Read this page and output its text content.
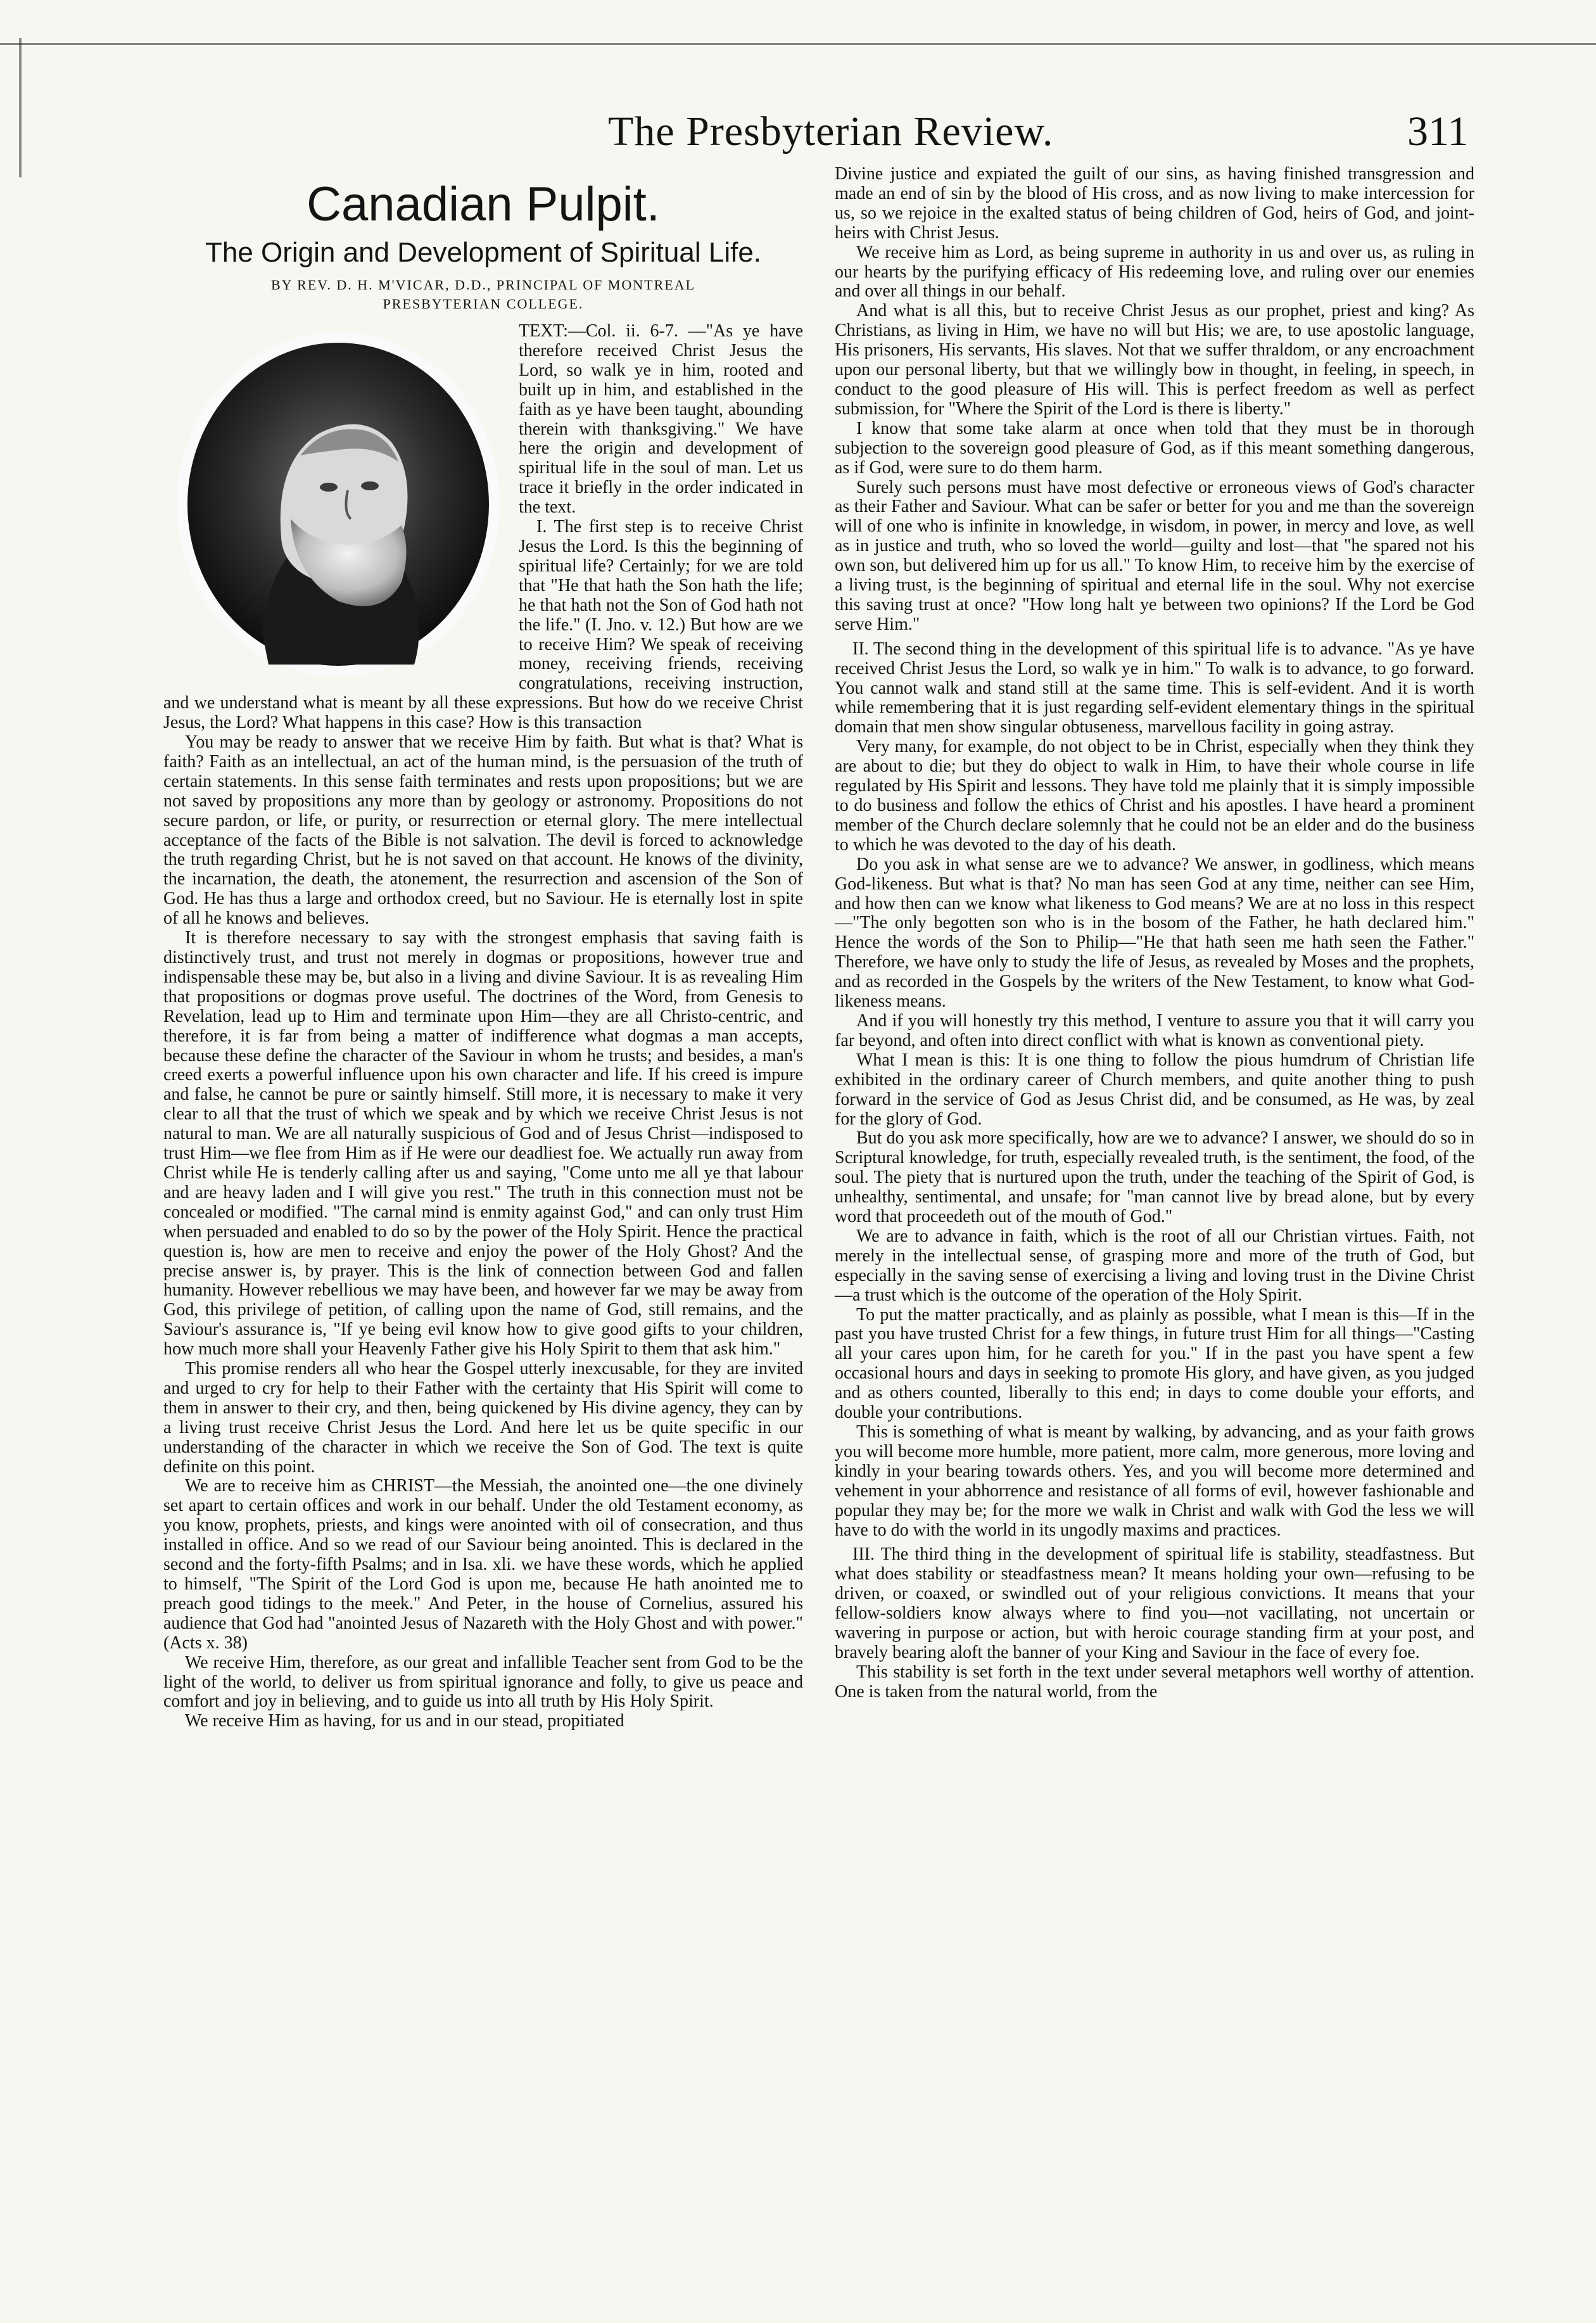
The Presbyterian Review.	311
Canadian Pulpit.
The Origin and Development of Spiritual Life.
BY REV. D. H. M'VICAR, D.D., PRINCIPAL OF MONTREAL
PRESBYTERIAN COLLEGE.

TEXT:—Col. ii. 6-7. —"As ye have therefore received Christ Jesus the Lord, so walk ye in him, rooted and built up in him, and established in the faith as ye have been taught, abounding therein with thanksgiving." We have here the origin and development of spiritual life in the soul of man. Let us trace it briefly in the order indicated in the text.

I. The first step is to receive Christ Jesus the Lord. Is this the beginning of spiritual life? Certainly; for we are told that "He that hath the Son hath the life; he that hath not the Son of God hath not the life." (I. Jno. v. 12.) But how are we to receive Him? We speak of receiving money, receiving friends, receiving congratulations, receiving instruction, and we understand what is meant by all these expressions. But how do we receive Christ Jesus, the Lord? What happens in this case? How is this transaction

You may be ready to answer that we receive Him by faith. But what is that? What is faith? Faith as an intellectual, an act of the human mind, is the persuasion of the truth of certain statements. In this sense faith terminates and rests upon propositions; but we are not saved by propositions any more than by geology or astronomy. Propositions do not secure pardon, or life, or purity, or resurrection or eternal glory. The mere intellectual acceptance of the facts of the Bible is not salvation. The devil is forced to acknowledge the truth regarding Christ, but he is not saved on that account. He knows of the divinity, the incarnation, the death, the atonement, the resurrection and ascension of the Son of God. He has thus a large and orthodox creed, but no Saviour. He is eternally lost in spite of all he knows and believes.

It is therefore necessary to say with the strongest emphasis that saving faith is distinctively trust, and trust not merely in dogmas or propositions, however true and indispensable these may be, but also in a living and divine Saviour. It is as revealing Him that propositions or dogmas prove useful. The doctrines of the Word, from Genesis to Revelation, lead up to Him and terminate upon Him—they are all Christo-centric, and therefore, it is far from being a matter of indifference what dogmas a man accepts, because these define the character of the Saviour in whom he trusts; and besides, a man's creed exerts a powerful influence upon his own character and life. If his creed is impure and false, he cannot be pure or saintly himself. Still more, it is necessary to make it very clear to all that the trust of which we speak and by which we receive Christ Jesus is not natural to man. We are all naturally suspicious of God and of Jesus Christ—indisposed to trust Him—we flee from Him as if He were our deadliest foe. We actually run away from Christ while He is tenderly calling after us and saying, "Come unto me all ye that labour and are heavy laden and I will give you rest." The truth in this connection must not be concealed or modified. "The carnal mind is enmity against God," and can only trust Him when persuaded and enabled to do so by the power of the Holy Spirit. Hence the practical question is, how are men to receive and enjoy the power of the Holy Ghost? And the precise answer is, by prayer. This is the link of connection between God and fallen humanity. However rebellious we may have been, and however far we may be away from God, this privilege of petition, of calling upon the name of God, still remains, and the Saviour's assurance is, "If ye being evil know how to give good gifts to your children, how much more shall your Heavenly Father give his Holy Spirit to them that ask him."

This promise renders all who hear the Gospel utterly inexcusable, for they are invited and urged to cry for help to their Father with the certainty that His Spirit will come to them in answer to their cry, and then, being quickened by His divine agency, they can by a living trust receive Christ Jesus the Lord. And here let us be quite specific in our understanding of the character in which we receive the Son of God. The text is quite definite on this point.

We are to receive him as CHRIST—the Messiah, the anointed one—the one divinely set apart to certain offices and work in our behalf. Under the old Testament economy, as you know, prophets, priests, and kings were anointed with oil of consecration, and thus installed in office. And so we read of our Saviour being anointed. This is declared in the second and the forty-fifth Psalms; and in Isa. xli. we have these words, which he applied to himself, "The Spirit of the Lord God is upon me, because He hath anointed me to preach good tidings to the meek." And Peter, in the house of Cornelius, assured his audience that God had "anointed Jesus of Nazareth with the Holy Ghost and with power." (Acts x. 38)

We receive Him, therefore, as our great and infallible Teacher sent from God to be the light of the world, to deliver us from spiritual ignorance and folly, to give us peace and comfort and joy in believing, and to guide us into all truth by His Holy Spirit.

We receive Him as having, for us and in our stead, propitiated

Divine justice and expiated the guilt of our sins, as having finished transgression and made an end of sin by the blood of His cross, and as now living to make intercession for us, so we rejoice in the exalted status of being children of God, heirs of God, and joint-heirs with Christ Jesus.

We receive him as Lord, as being supreme in authority in us and over us, as ruling in our hearts by the purifying efficacy of His redeeming love, and ruling over our enemies and over all things in our behalf.

And what is all this, but to receive Christ Jesus as our prophet, priest and king? As Christians, as living in Him, we have no will but His; we are, to use apostolic language, His prisoners, His servants, His slaves. Not that we suffer thraldom, or any encroachment upon our personal liberty, but that we willingly bow in thought, in feeling, in speech, in conduct to the good pleasure of His will. This is perfect freedom as well as perfect submission, for "Where the Spirit of the Lord is there is liberty."

I know that some take alarm at once when told that they must be in thorough subjection to the sovereign good pleasure of God, as if this meant something dangerous, as if God, were sure to do them harm.

Surely such persons must have most defective or erroneous views of God's character as their Father and Saviour. What can be safer or better for you and me than the sovereign will of one who is infinite in knowledge, in wisdom, in power, in mercy and love, as well as in justice and truth, who so loved the world—guilty and lost—that "he spared not his own son, but delivered him up for us all." To know Him, to receive him by the exercise of a living trust, is the beginning of spiritual and eternal life in the soul. Why not exercise this saving trust at once? "How long halt ye between two opinions? If the Lord be God serve Him."

II. The second thing in the development of this spiritual life is to advance. "As ye have received Christ Jesus the Lord, so walk ye in him." To walk is to advance, to go forward. You cannot walk and stand still at the same time. This is self-evident. And it is worth while remembering that it is just regarding self-evident elementary things in the spiritual domain that men show singular obtuseness, marvellous facility in going astray.

Very many, for example, do not object to be in Christ, especially when they think they are about to die; but they do object to walk in Him, to have their whole course in life regulated by His Spirit and lessons. They have told me plainly that it is simply impossible to do business and follow the ethics of Christ and his apostles. I have heard a prominent member of the Church declare solemnly that he could not be an elder and do the business to which he was devoted to the day of his death.

Do you ask in what sense are we to advance? We answer, in godliness, which means God-likeness. But what is that? No man has seen God at any time, neither can see Him, and how then can we know what likeness to God means? We are at no loss in this respect—"The only begotten son who is in the bosom of the Father, he hath declared him." Hence the words of the Son to Philip—"He that hath seen me hath seen the Father." Therefore, we have only to study the life of Jesus, as revealed by Moses and the prophets, and as recorded in the Gospels by the writers of the New Testament, to know what God-likeness means.

And if you will honestly try this method, I venture to assure you that it will carry you far beyond, and often into direct conflict with what is known as conventional piety.

What I mean is this: It is one thing to follow the pious humdrum of Christian life exhibited in the ordinary career of Church members, and quite another thing to push forward in the service of God as Jesus Christ did, and be consumed, as He was, by zeal for the glory of God.

But do you ask more specifically, how are we to advance? I answer, we should do so in Scriptural knowledge, for truth, especially revealed truth, is the sentiment, the food, of the soul. The piety that is nurtured upon the truth, under the teaching of the Spirit of God, is unhealthy, sentimental, and unsafe; for "man cannot live by bread alone, but by every word that proceedeth out of the mouth of God."

We are to advance in faith, which is the root of all our Christian virtues. Faith, not merely in the intellectual sense, of grasping more and more of the truth of God, but especially in the saving sense of exercising a living and loving trust in the Divine Christ—a trust which is the outcome of the operation of the Holy Spirit.

To put the matter practically, and as plainly as possible, what I mean is this—If in the past you have trusted Christ for a few things, in future trust Him for all things—"Casting all your cares upon him, for he careth for you." If in the past you have spent a few occasional hours and days in seeking to promote His glory, and have given, as you judged and as others counted, liberally to this end; in days to come double your efforts, and double your contributions.

This is something of what is meant by walking, by advancing, and as your faith grows you will become more humble, more patient, more calm, more generous, more loving and kindly in your bearing towards others. Yes, and you will become more determined and vehement in your abhorrence and resistance of all forms of evil, however fashionable and popular they may be; for the more we walk in Christ and walk with God the less we will have to do with the world in its ungodly maxims and practices.

III. The third thing in the development of spiritual life is stability, steadfastness. But what does stability or steadfastness mean? It means holding your own—refusing to be driven, or coaxed, or swindled out of your religious convictions. It means that your fellow-soldiers know always where to find you—not vacillating, not uncertain or wavering in purpose or action, but with heroic courage standing firm at your post, and bravely bearing aloft the banner of your King and Saviour in the face of every foe.

This stability is set forth in the text under several metaphors well worthy of attention. One is taken from the natural world, from the
